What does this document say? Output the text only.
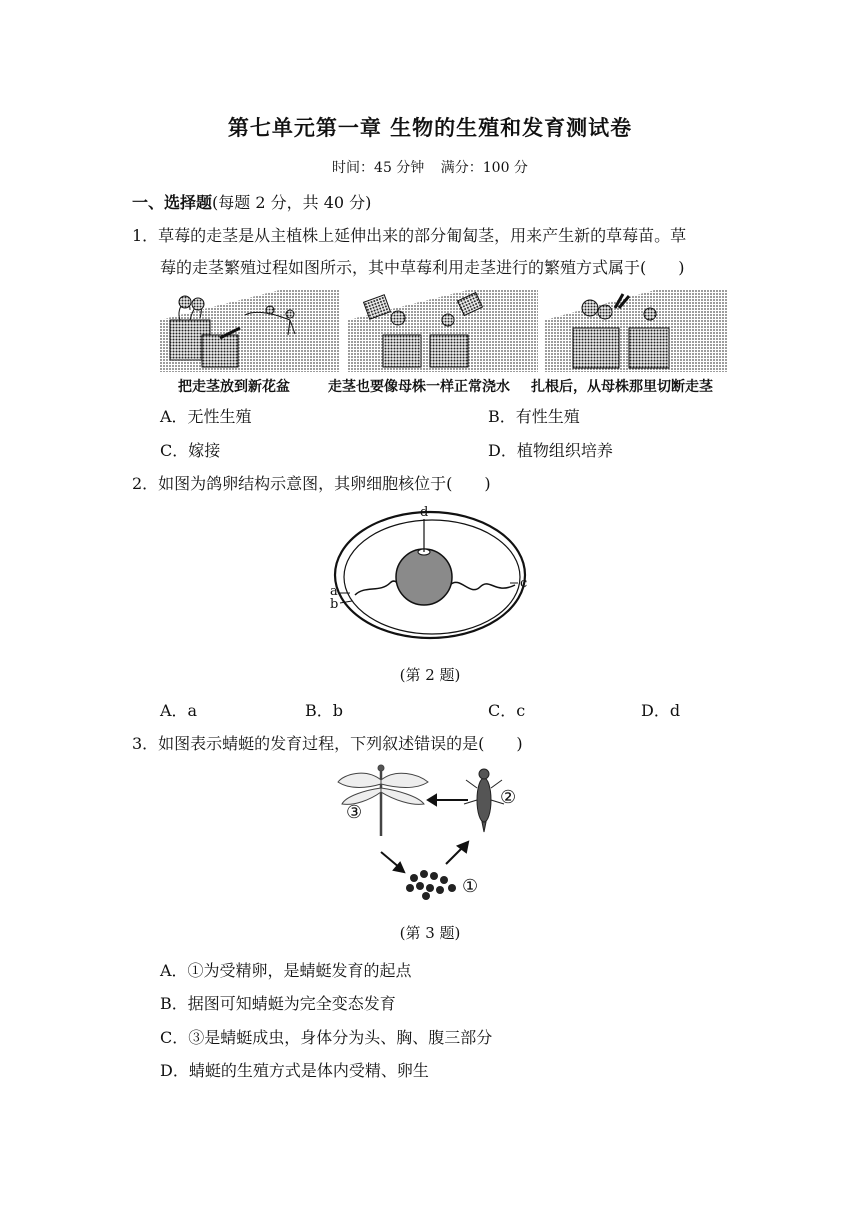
第七单元第一章 生物的生殖和发育测试卷
时间：45 分钟 满分：100 分
一、选择题(每题 2 分，共 40 分)
1．草莓的走茎是从主植株上延伸出来的部分匍匐茎，用来产生新的草莓苗。草
莓的走茎繁殖过程如图所示，其中草莓利用走茎进行的繁殖方式属于(　　)
把走茎放到新花盆	走茎也要像母株一样正常浇水 扎根后，从母株那里切断走茎
A．无性生殖	B．有性生殖
C．嫁接	D．植物组织培养
2．如图为鸽卵结构示意图，其卵细胞核位于(　　)
d
a
b
c
(第 2 题)
A．a	B．b	C．c	D．d
3．如图表示蜻蜓的发育过程，下列叙述错误的是(　　)
③
②
①
(第 3 题)
A．①为受精卵，是蜻蜓发育的起点
B．据图可知蜻蜓为完全变态发育
C．③是蜻蜓成虫，身体分为头、胸、腹三部分
D．蜻蜓的生殖方式是体内受精、卵生
